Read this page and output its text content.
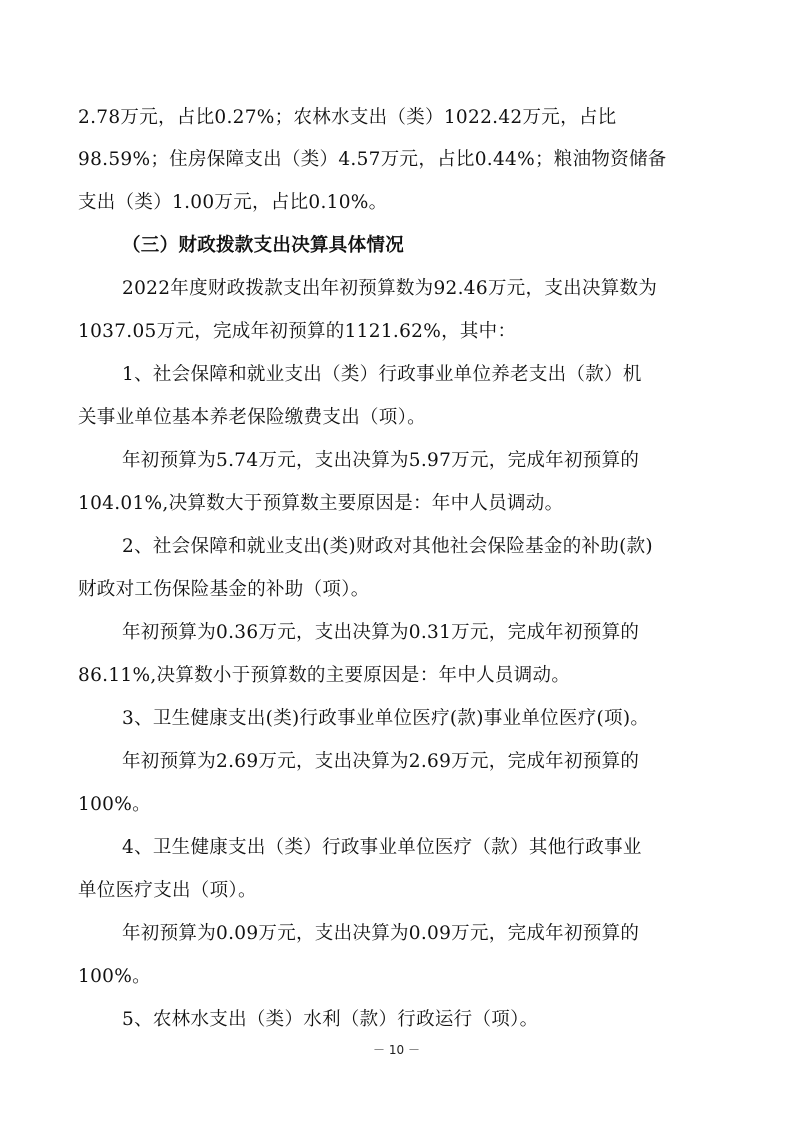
2.78万元，占比0.27%；农林水支出（类）1022.42万元，占比
98.59%；住房保障支出（类）4.57万元，占比0.44%；粮油物资储备
支出（类）1.00万元，占比0.10%。
（三）财政拨款支出决算具体情况
2022年度财政拨款支出年初预算数为92.46万元，支出决算数为
1037.05万元，完成年初预算的1121.62%，其中：
1、社会保障和就业支出（类）行政事业单位养老支出（款）机
关事业单位基本养老保险缴费支出（项）。
年初预算为5.74万元，支出决算为5.97万元，完成年初预算的
104.01%,决算数大于预算数主要原因是：年中人员调动。
2、社会保障和就业支出(类)财政对其他社会保险基金的补助(款)
财政对工伤保险基金的补助（项）。
年初预算为0.36万元，支出决算为0.31万元，完成年初预算的
86.11%,决算数小于预算数的主要原因是：年中人员调动。
3、卫生健康支出(类)行政事业单位医疗(款)事业单位医疗(项)。
年初预算为2.69万元，支出决算为2.69万元，完成年初预算的
100%。
4、卫生健康支出（类）行政事业单位医疗（款）其他行政事业
单位医疗支出（项）。
年初预算为0.09万元，支出决算为0.09万元，完成年初预算的
100%。
5、农林水支出（类）水利（款）行政运行（项）。
－ 10 －
